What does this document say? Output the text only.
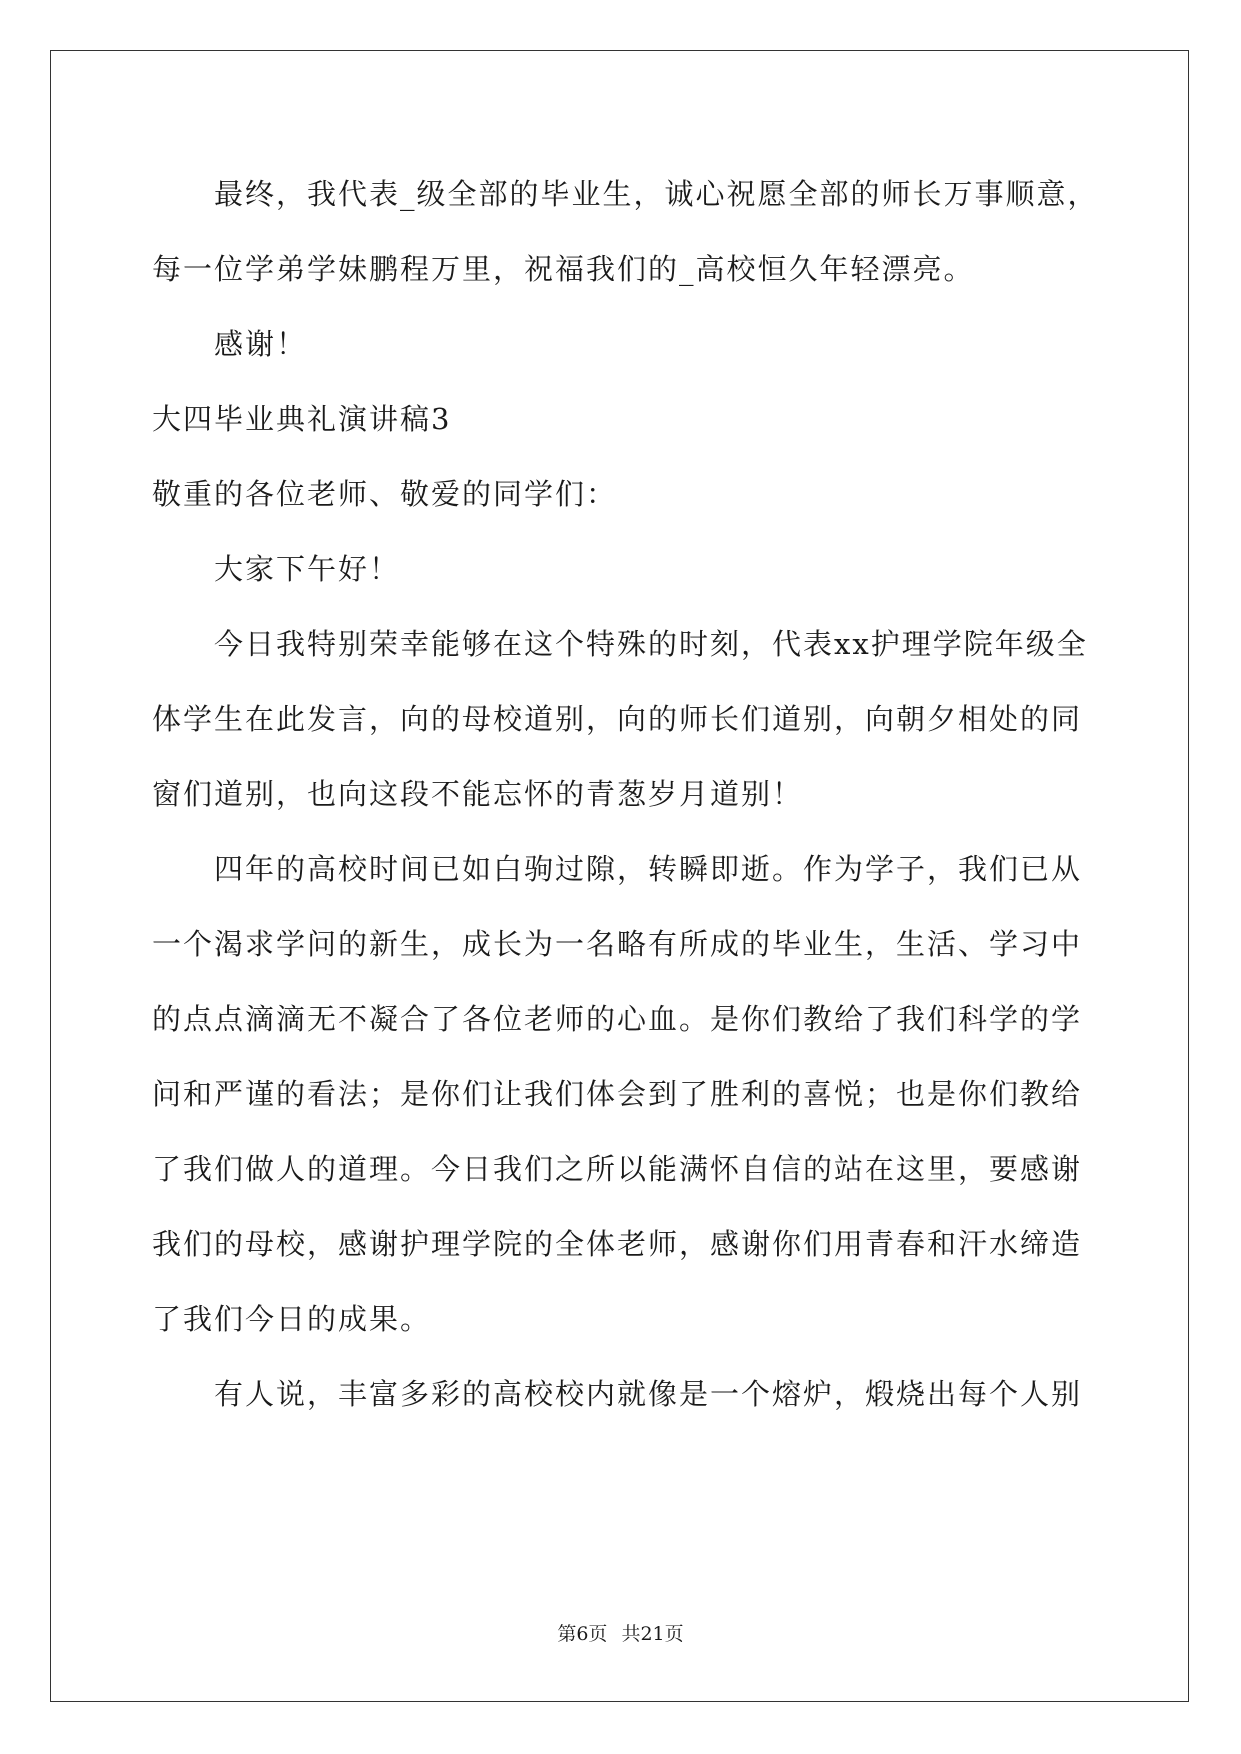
最终，我代表_级全部的毕业生，诚心祝愿全部的师长万事顺意，
每一位学弟学妹鹏程万里，祝福我们的_高校恒久年轻漂亮。
感谢！
大四毕业典礼演讲稿3
敬重的各位老师、敬爱的同学们：
大家下午好！
今日我特别荣幸能够在这个特殊的时刻，代表xx护理学院年级全
体学生在此发言，向的母校道别，向的师长们道别，向朝夕相处的同
窗们道别，也向这段不能忘怀的青葱岁月道别！
四年的高校时间已如白驹过隙，转瞬即逝。作为学子，我们已从
一个渴求学问的新生，成长为一名略有所成的毕业生，生活、学习中
的点点滴滴无不凝合了各位老师的心血。是你们教给了我们科学的学
问和严谨的看法；是你们让我们体会到了胜利的喜悦；也是你们教给
了我们做人的道理。今日我们之所以能满怀自信的站在这里，要感谢
我们的母校，感谢护理学院的全体老师，感谢你们用青春和汗水缔造
了我们今日的成果。
有人说，丰富多彩的高校校内就像是一个熔炉，煅烧出每个人别
第6页 共21页
